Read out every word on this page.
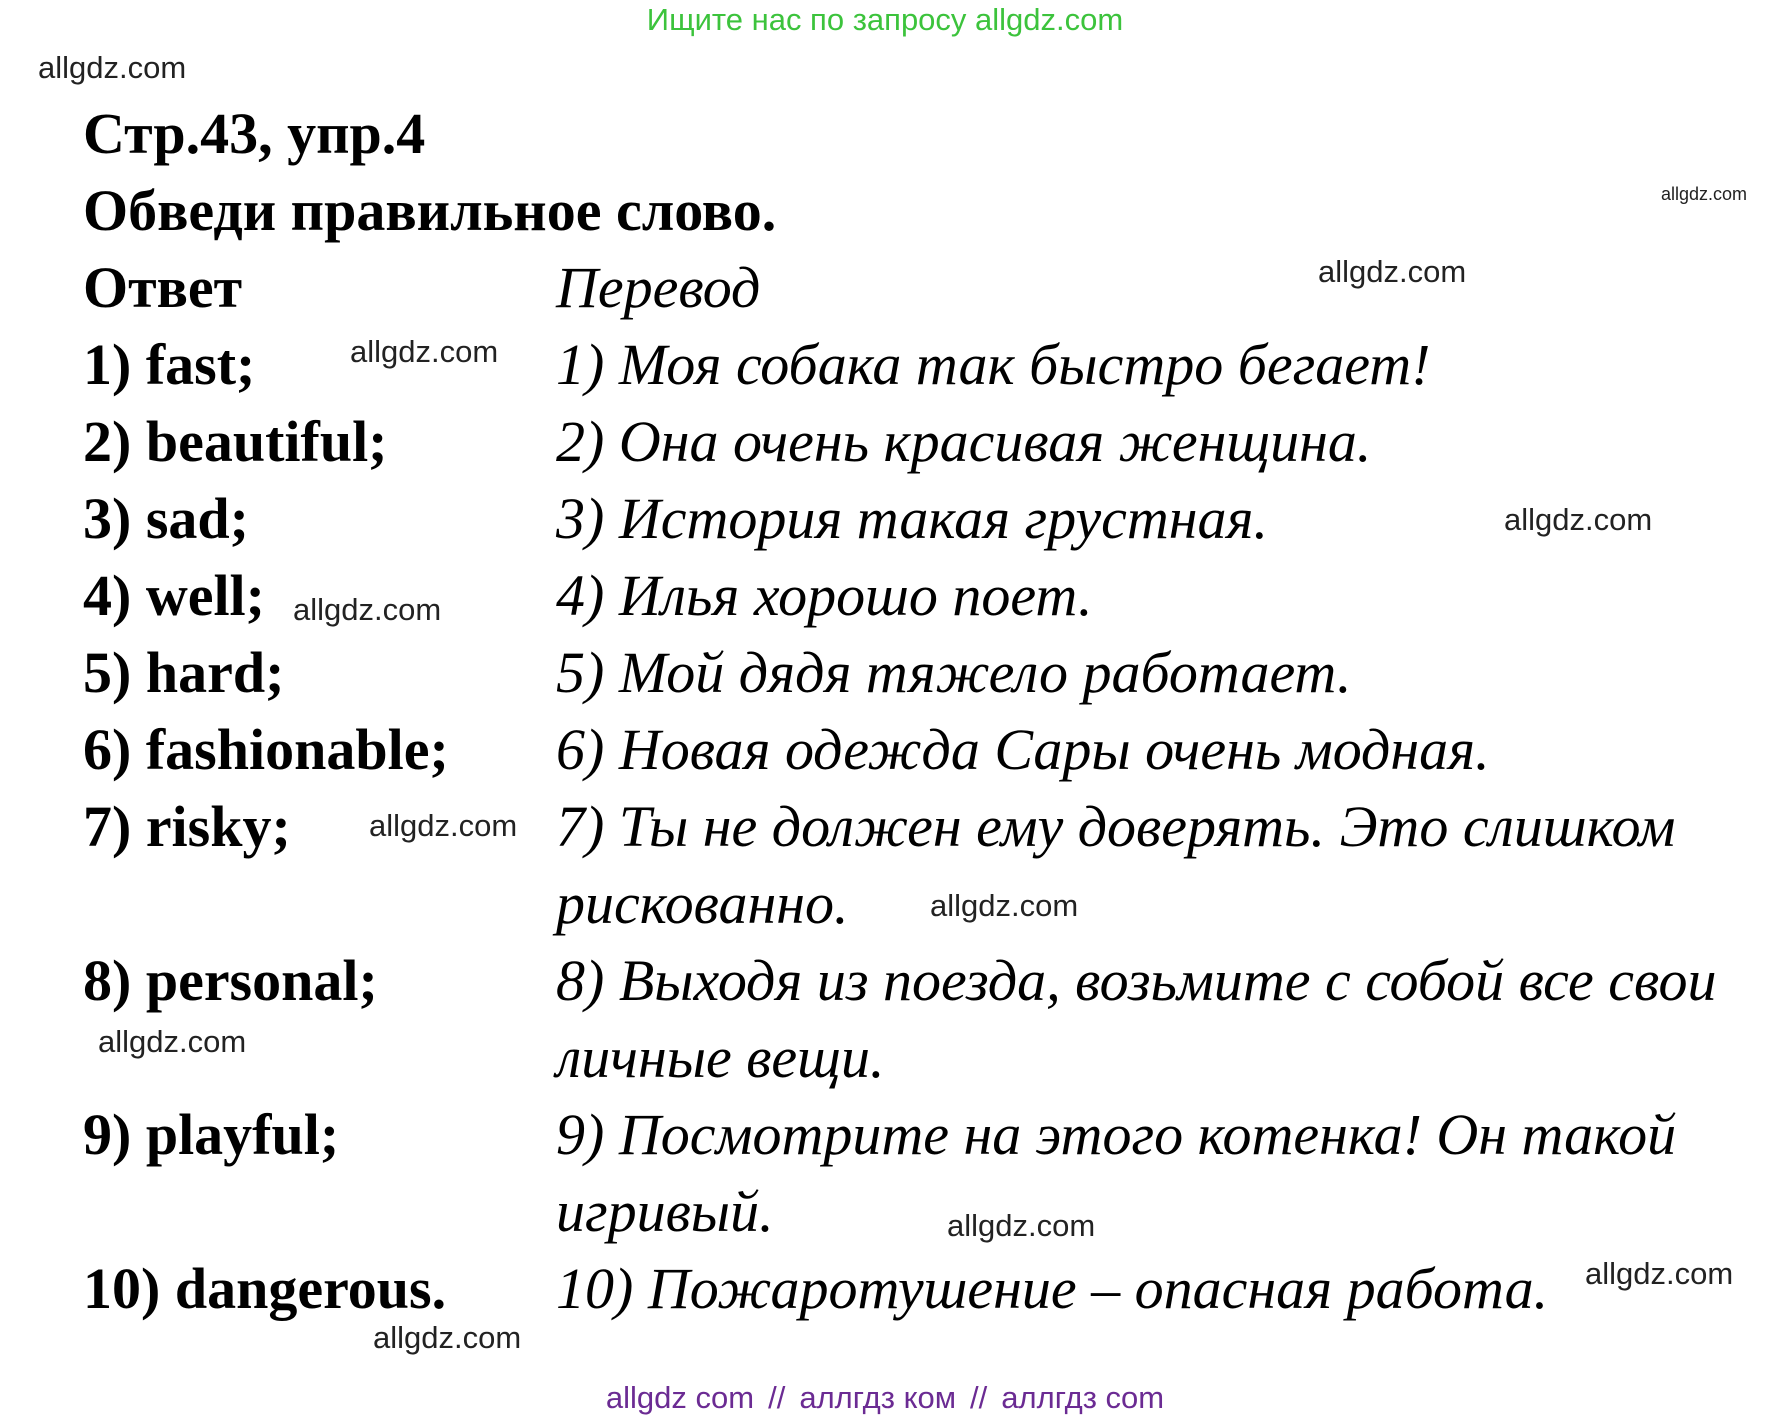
Ищите нас по запросу allgdz.com
allgdz.com
allgdz.com
allgdz.com
allgdz.com
allgdz.com
allgdz.com
allgdz.com
allgdz.com
allgdz.com
allgdz.com
allgdz.com
allgdz.com
Стр.43, упр.4
Обведи правильное слово.
Ответ	Перевод
1) fast;
2) beautiful;
3) sad;
4) well;
5) hard;
6) fashionable;
7) risky;
8) personal;
9) playful;
10) dangerous.
1) Моя собака так быстро бегает!
2) Она очень красивая женщина.
3) История такая грустная.
4) Илья хорошо поет.
5) Мой дядя тяжело работает.
6) Новая одежда Сары очень модная.
7) Ты не должен ему доверять. Это слишком
рискованно.
8) Выходя из поезда, возьмите с собой все свои
личные вещи.
9) Посмотрите на этого котенка! Он такой
игривый.
10) Пожаротушение – опасная работа.
allgdz com // аллгдз ком // аллгдз com
